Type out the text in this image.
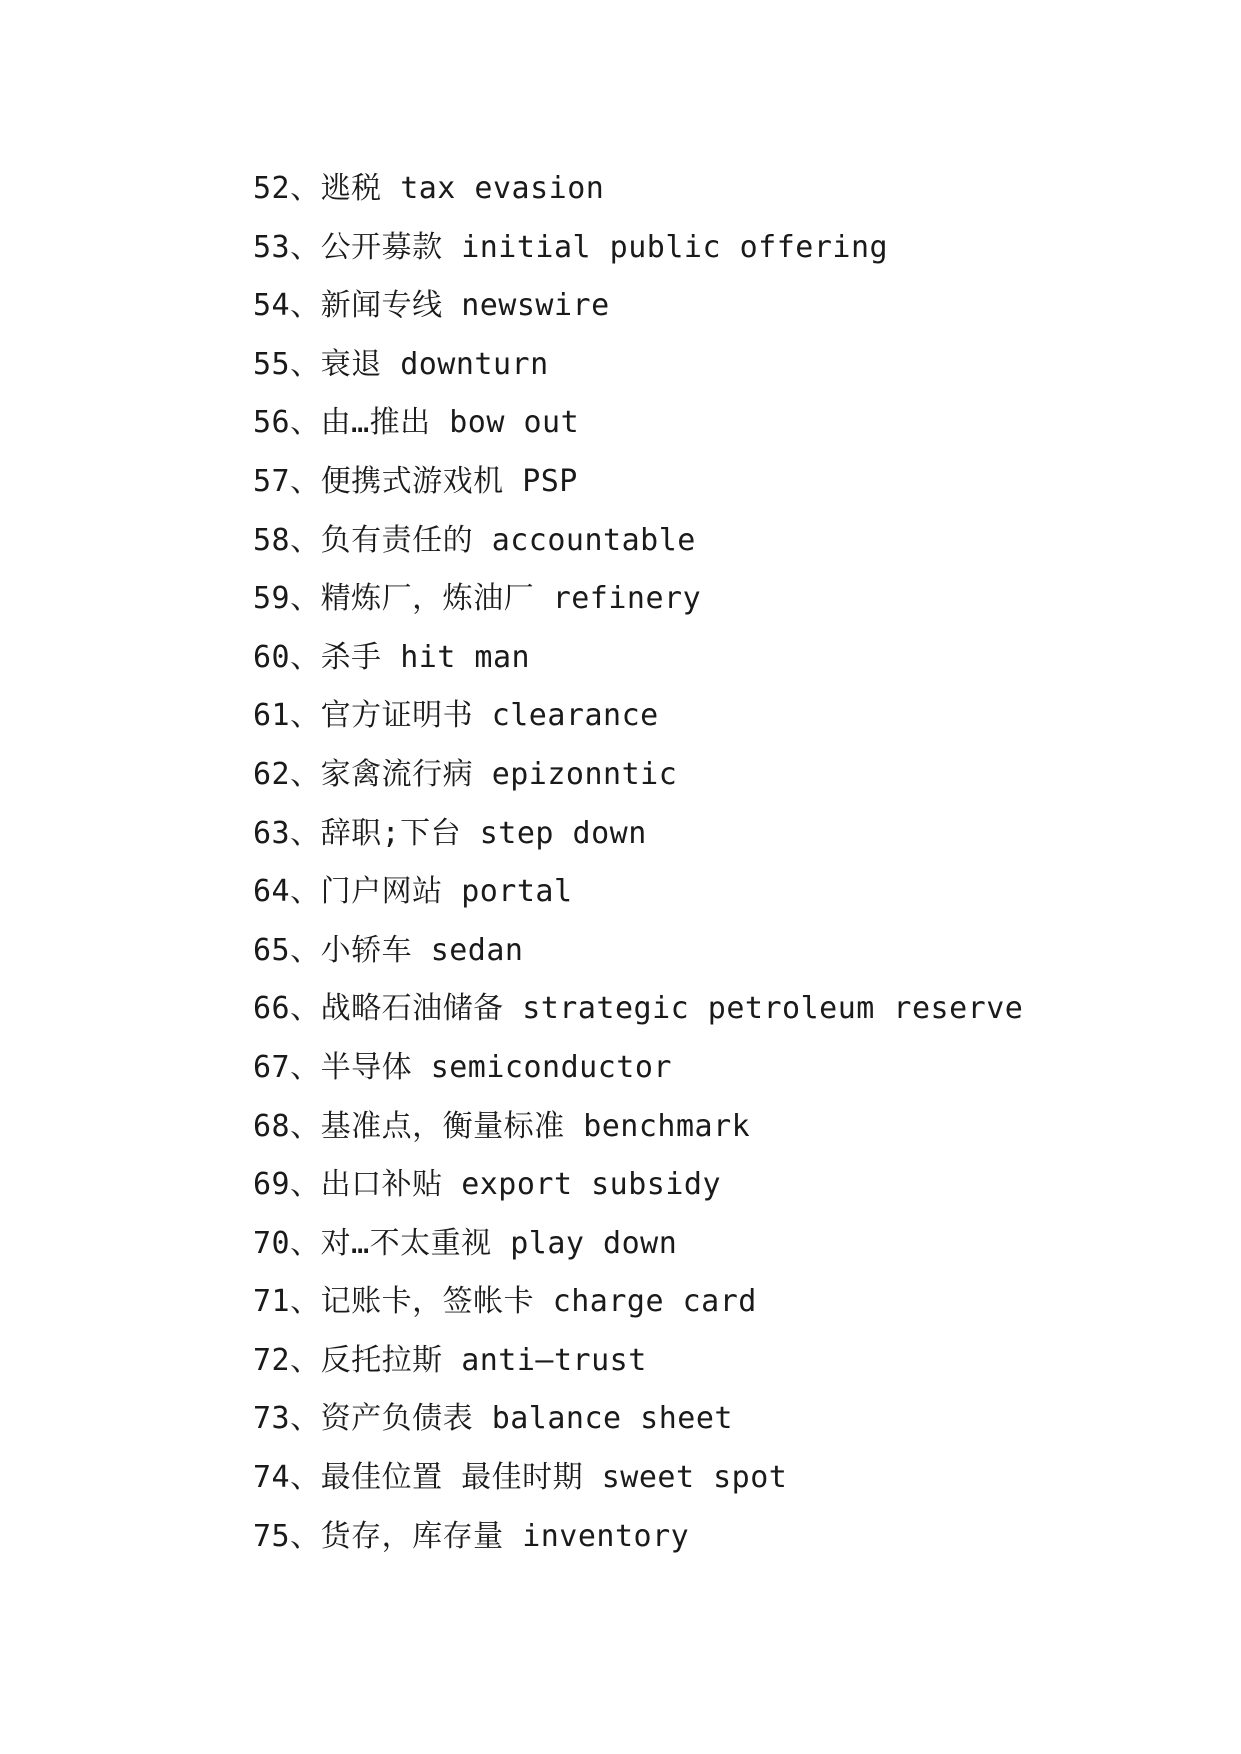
52、逃税 tax evasion
53、公开募款 initial public offering
54、新闻专线 newswire
55、衰退 downturn
56、由…推出 bow out
57、便携式游戏机 PSP
58、负有责任的 accountable
59、精炼厂，炼油厂 refinery
60、杀手 hit man
61、官方证明书 clearance
62、家禽流行病 epizonntic
63、辞职;下台 step down
64、门户网站 portal
65、小轿车 sedan
66、战略石油储备 strategic petroleum reserve
67、半导体 semiconductor
68、基准点，衡量标准 benchmark
69、出口补贴 export subsidy
70、对…不太重视 play down
71、记账卡，签帐卡 charge card
72、反托拉斯 anti—trust
73、资产负债表 balance sheet
74、最佳位置 最佳时期 sweet spot
75、货存，库存量 inventory
